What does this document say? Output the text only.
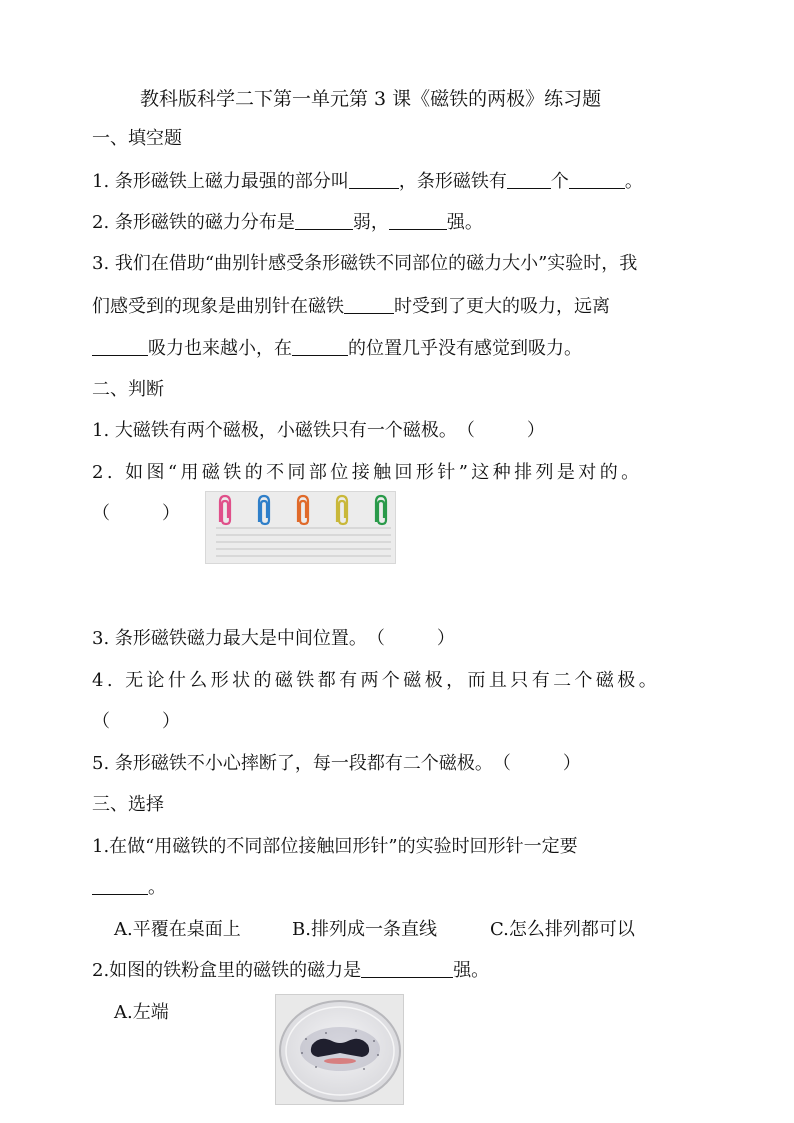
教科版科学二下第一单元第 3 课《磁铁的两极》练习题
一、填空题
1. 条形磁铁上磁力最强的部分叫	，条形磁铁有 个	。
2. 条形磁铁的磁力分布是	弱，	强。
3. 我们在借助“曲别针感受条形磁铁不同部位的磁力大小”实验时，我
们感受到的现象是曲别针在磁铁	时受到了更大的吸力，远离
吸力也来越小，在	的位置几乎没有感觉到吸力。
二、判断
1. 大磁铁有两个磁极，小磁铁只有一个磁极。（	）
2. 如图“用磁铁的不同部位接触回形针”这种排列是对的。
（	）
3. 条形磁铁磁力最大是中间位置。（	）
4. 无论什么形状的磁铁都有两个磁极，而且只有二个磁极。
（	）
5. 条形磁铁不小心摔断了，每一段都有二个磁极。（	）
三、选择
1.在做“用磁铁的不同部位接触回形针”的实验时回形针一定要
。
A.平覆在桌面上	B.排列成一条直线	C.怎么排列都可以
2.如图的铁粉盒里的磁铁的磁力是	强。
A.左端
